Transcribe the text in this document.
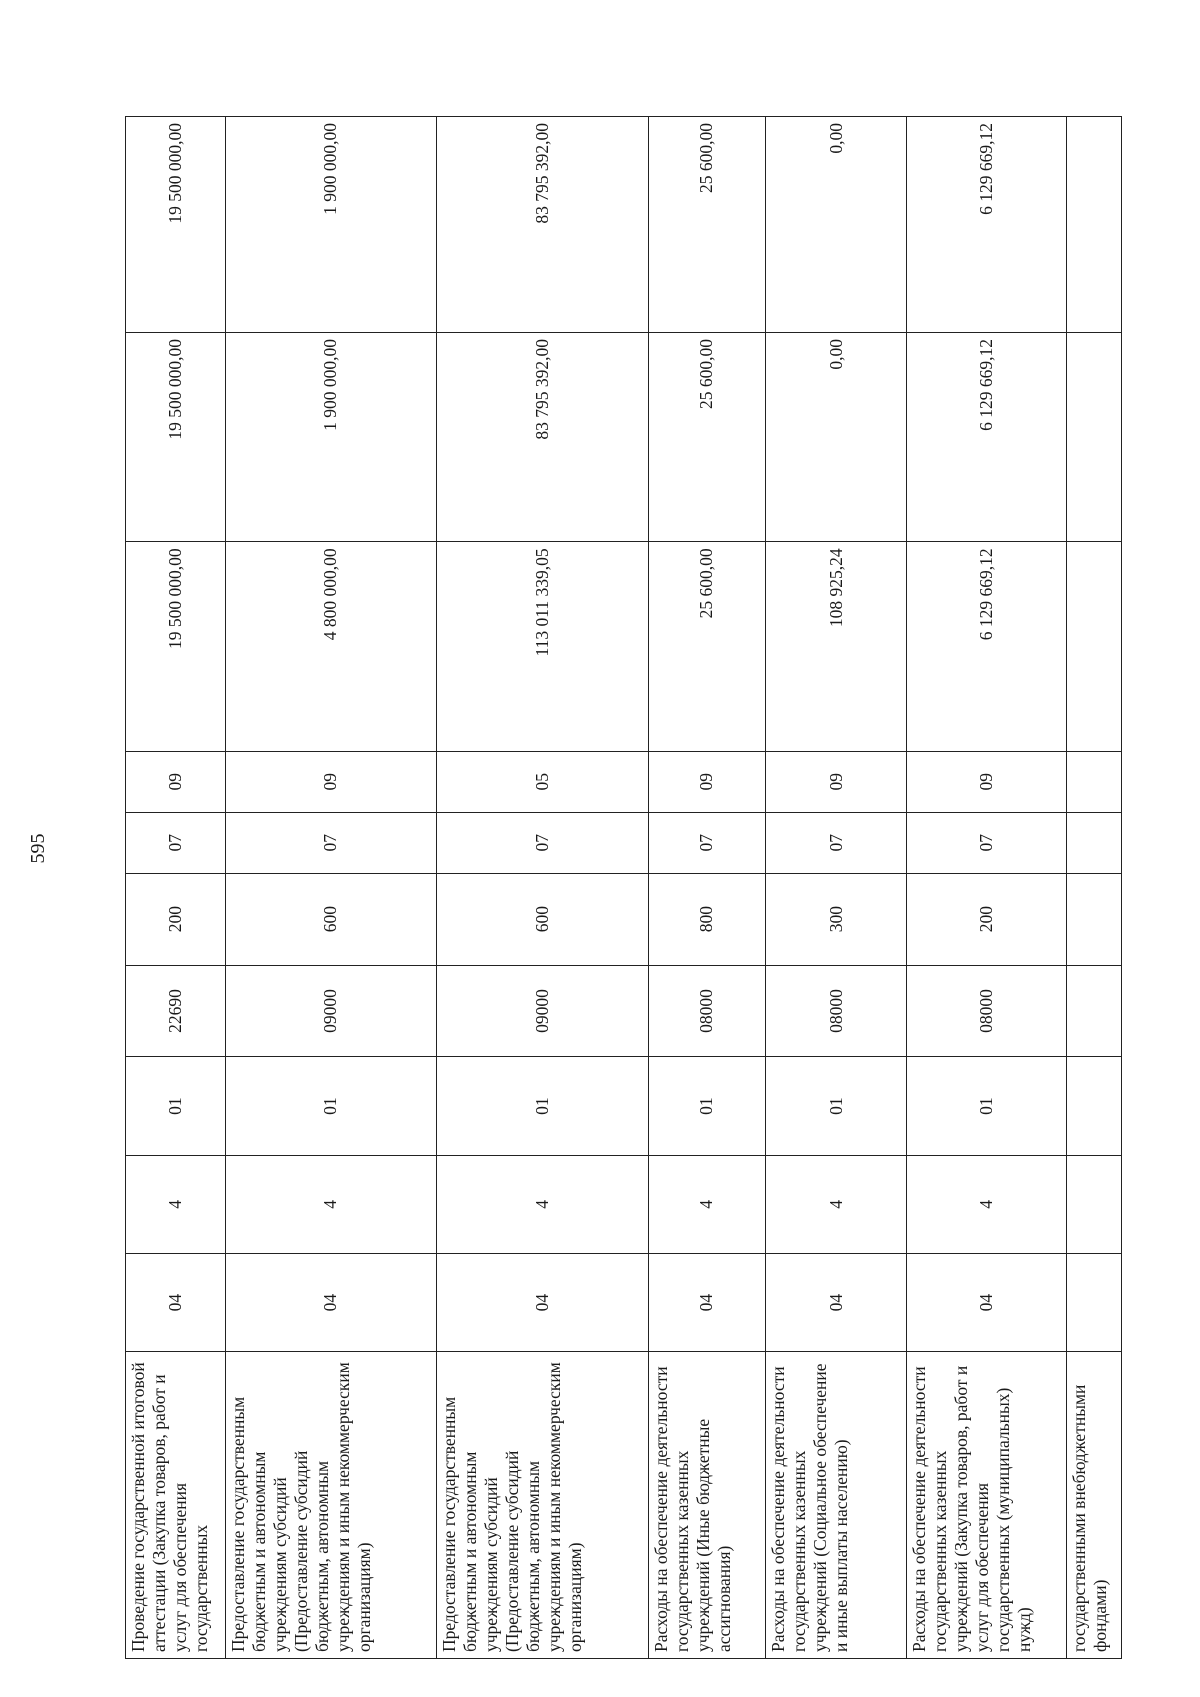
595
Проведение государственной итоговой аттестации (Закупка товаров, работ и услуг для обеспечения государственных	04	4	01	22690	200	07	09	19 500 000,00	19 500 000,00	19 500 000,00
Предоставление государственным бюджетным и автономным учреждениям субсидий (Предоставление субсидий бюджетным, автономным учреждениям и иным некоммерческим организациям)	04	4	01	09000	600	07	09	4 800 000,00	1 900 000,00	1 900 000,00
Предоставление государственным бюджетным и автономным учреждениям субсидий (Предоставление субсидий бюджетным, автономным учреждениям и иным некоммерческим организациям)	04	4	01	09000	600	07	05	113 011 339,05	83 795 392,00	83 795 392,00
Расходы на обеспечение деятельности государственных казенных учреждений (Иные бюджетные ассигнования)	04	4	01	08000	800	07	09	25 600,00	25 600,00	25 600,00
Расходы на обеспечение деятельности государственных казенных учреждений (Социальное обеспечение и иные выплаты населению)	04	4	01	08000	300	07	09	108 925,24	0,00	0,00
Расходы на обеспечение деятельности государственных казенных учреждений (Закупка товаров, работ и услуг для обеспечения государственных (муниципальных) нужд)	04	4	01	08000	200	07	09	6 129 669,12	6 129 669,12	6 129 669,12
государственными внебюджетными фондами)										
